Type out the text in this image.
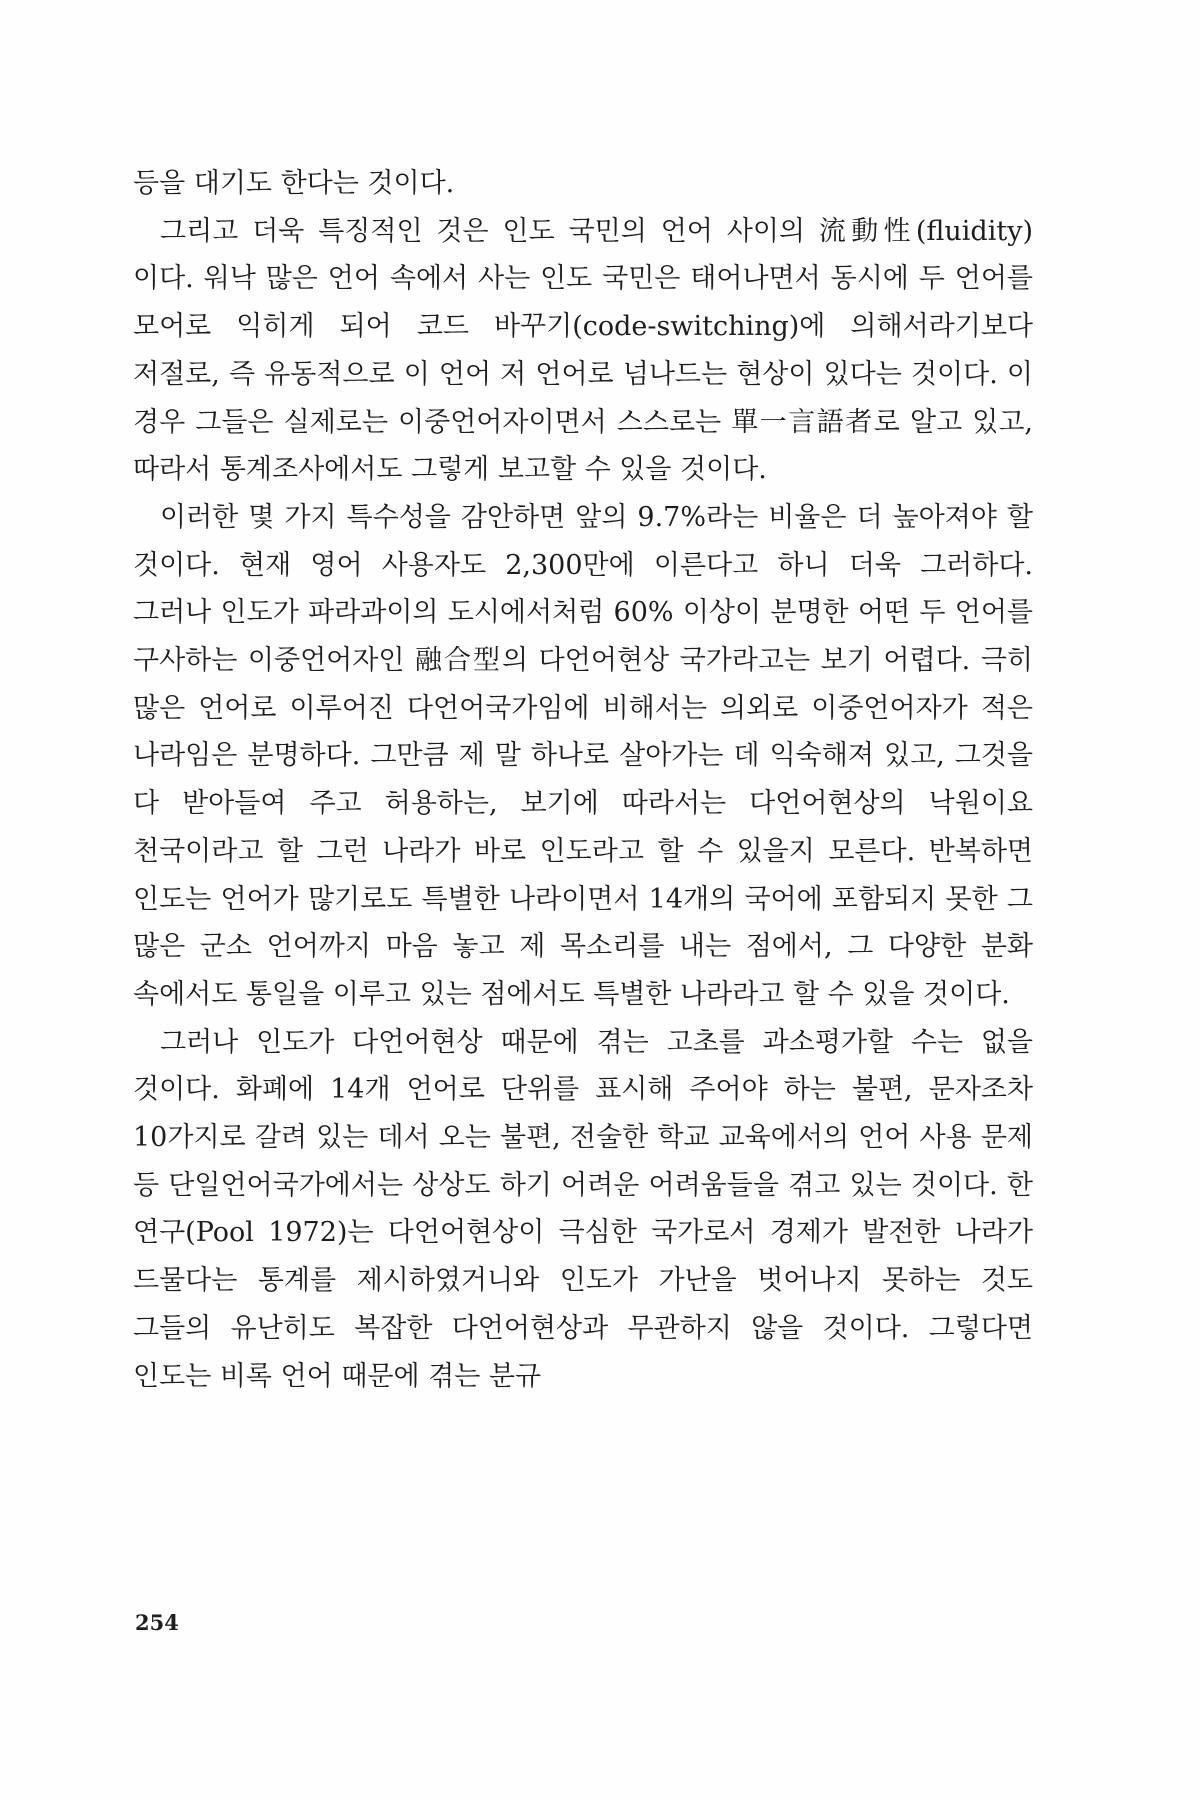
등을 대기도 한다는 것이다.

그리고 더욱 특징적인 것은 인도 국민의 언어 사이의 流動性(fluidity)이다. 워낙 많은 언어 속에서 사는 인도 국민은 태어나면서 동시에 두 언어를 모어로 익히게 되어 코드 바꾸기(code-switching)에 의해서라기보다 저절로, 즉 유동적으로 이 언어 저 언어로 넘나드는 현상이 있다는 것이다. 이 경우 그들은 실제로는 이중언어자이면서 스스로는 單一言語者로 알고 있고, 따라서 통계조사에서도 그렇게 보고할 수 있을 것이다.

이러한 몇 가지 특수성을 감안하면 앞의 9.7%라는 비율은 더 높아져야 할 것이다. 현재 영어 사용자도 2,300만에 이른다고 하니 더욱 그러하다. 그러나 인도가 파라과이의 도시에서처럼 60% 이상이 분명한 어떤 두 언어를 구사하는 이중언어자인 融合型의 다언어현상 국가라고는 보기 어렵다. 극히 많은 언어로 이루어진 다언어국가임에 비해서는 의외로 이중언어자가 적은 나라임은 분명하다. 그만큼 제 말 하나로 살아가는 데 익숙해져 있고, 그것을 다 받아들여 주고 허용하는, 보기에 따라서는 다언어현상의 낙원이요 천국이라고 할 그런 나라가 바로 인도라고 할 수 있을지 모른다. 반복하면 인도는 언어가 많기로도 특별한 나라이면서 14개의 국어에 포함되지 못한 그 많은 군소 언어까지 마음 놓고 제 목소리를 내는 점에서, 그 다양한 분화 속에서도 통일을 이루고 있는 점에서도 특별한 나라라고 할 수 있을 것이다.

그러나 인도가 다언어현상 때문에 겪는 고초를 과소평가할 수는 없을 것이다. 화폐에 14개 언어로 단위를 표시해 주어야 하는 불편, 문자조차 10가지로 갈려 있는 데서 오는 불편, 전술한 학교 교육에서의 언어 사용 문제 등 단일언어국가에서는 상상도 하기 어려운 어려움들을 겪고 있는 것이다. 한 연구(Pool 1972)는 다언어현상이 극심한 국가로서 경제가 발전한 나라가 드물다는 통계를 제시하였거니와 인도가 가난을 벗어나지 못하는 것도 그들의 유난히도 복잡한 다언어현상과 무관하지 않을 것이다. 그렇다면 인도는 비록 언어 때문에 겪는 분규

254
